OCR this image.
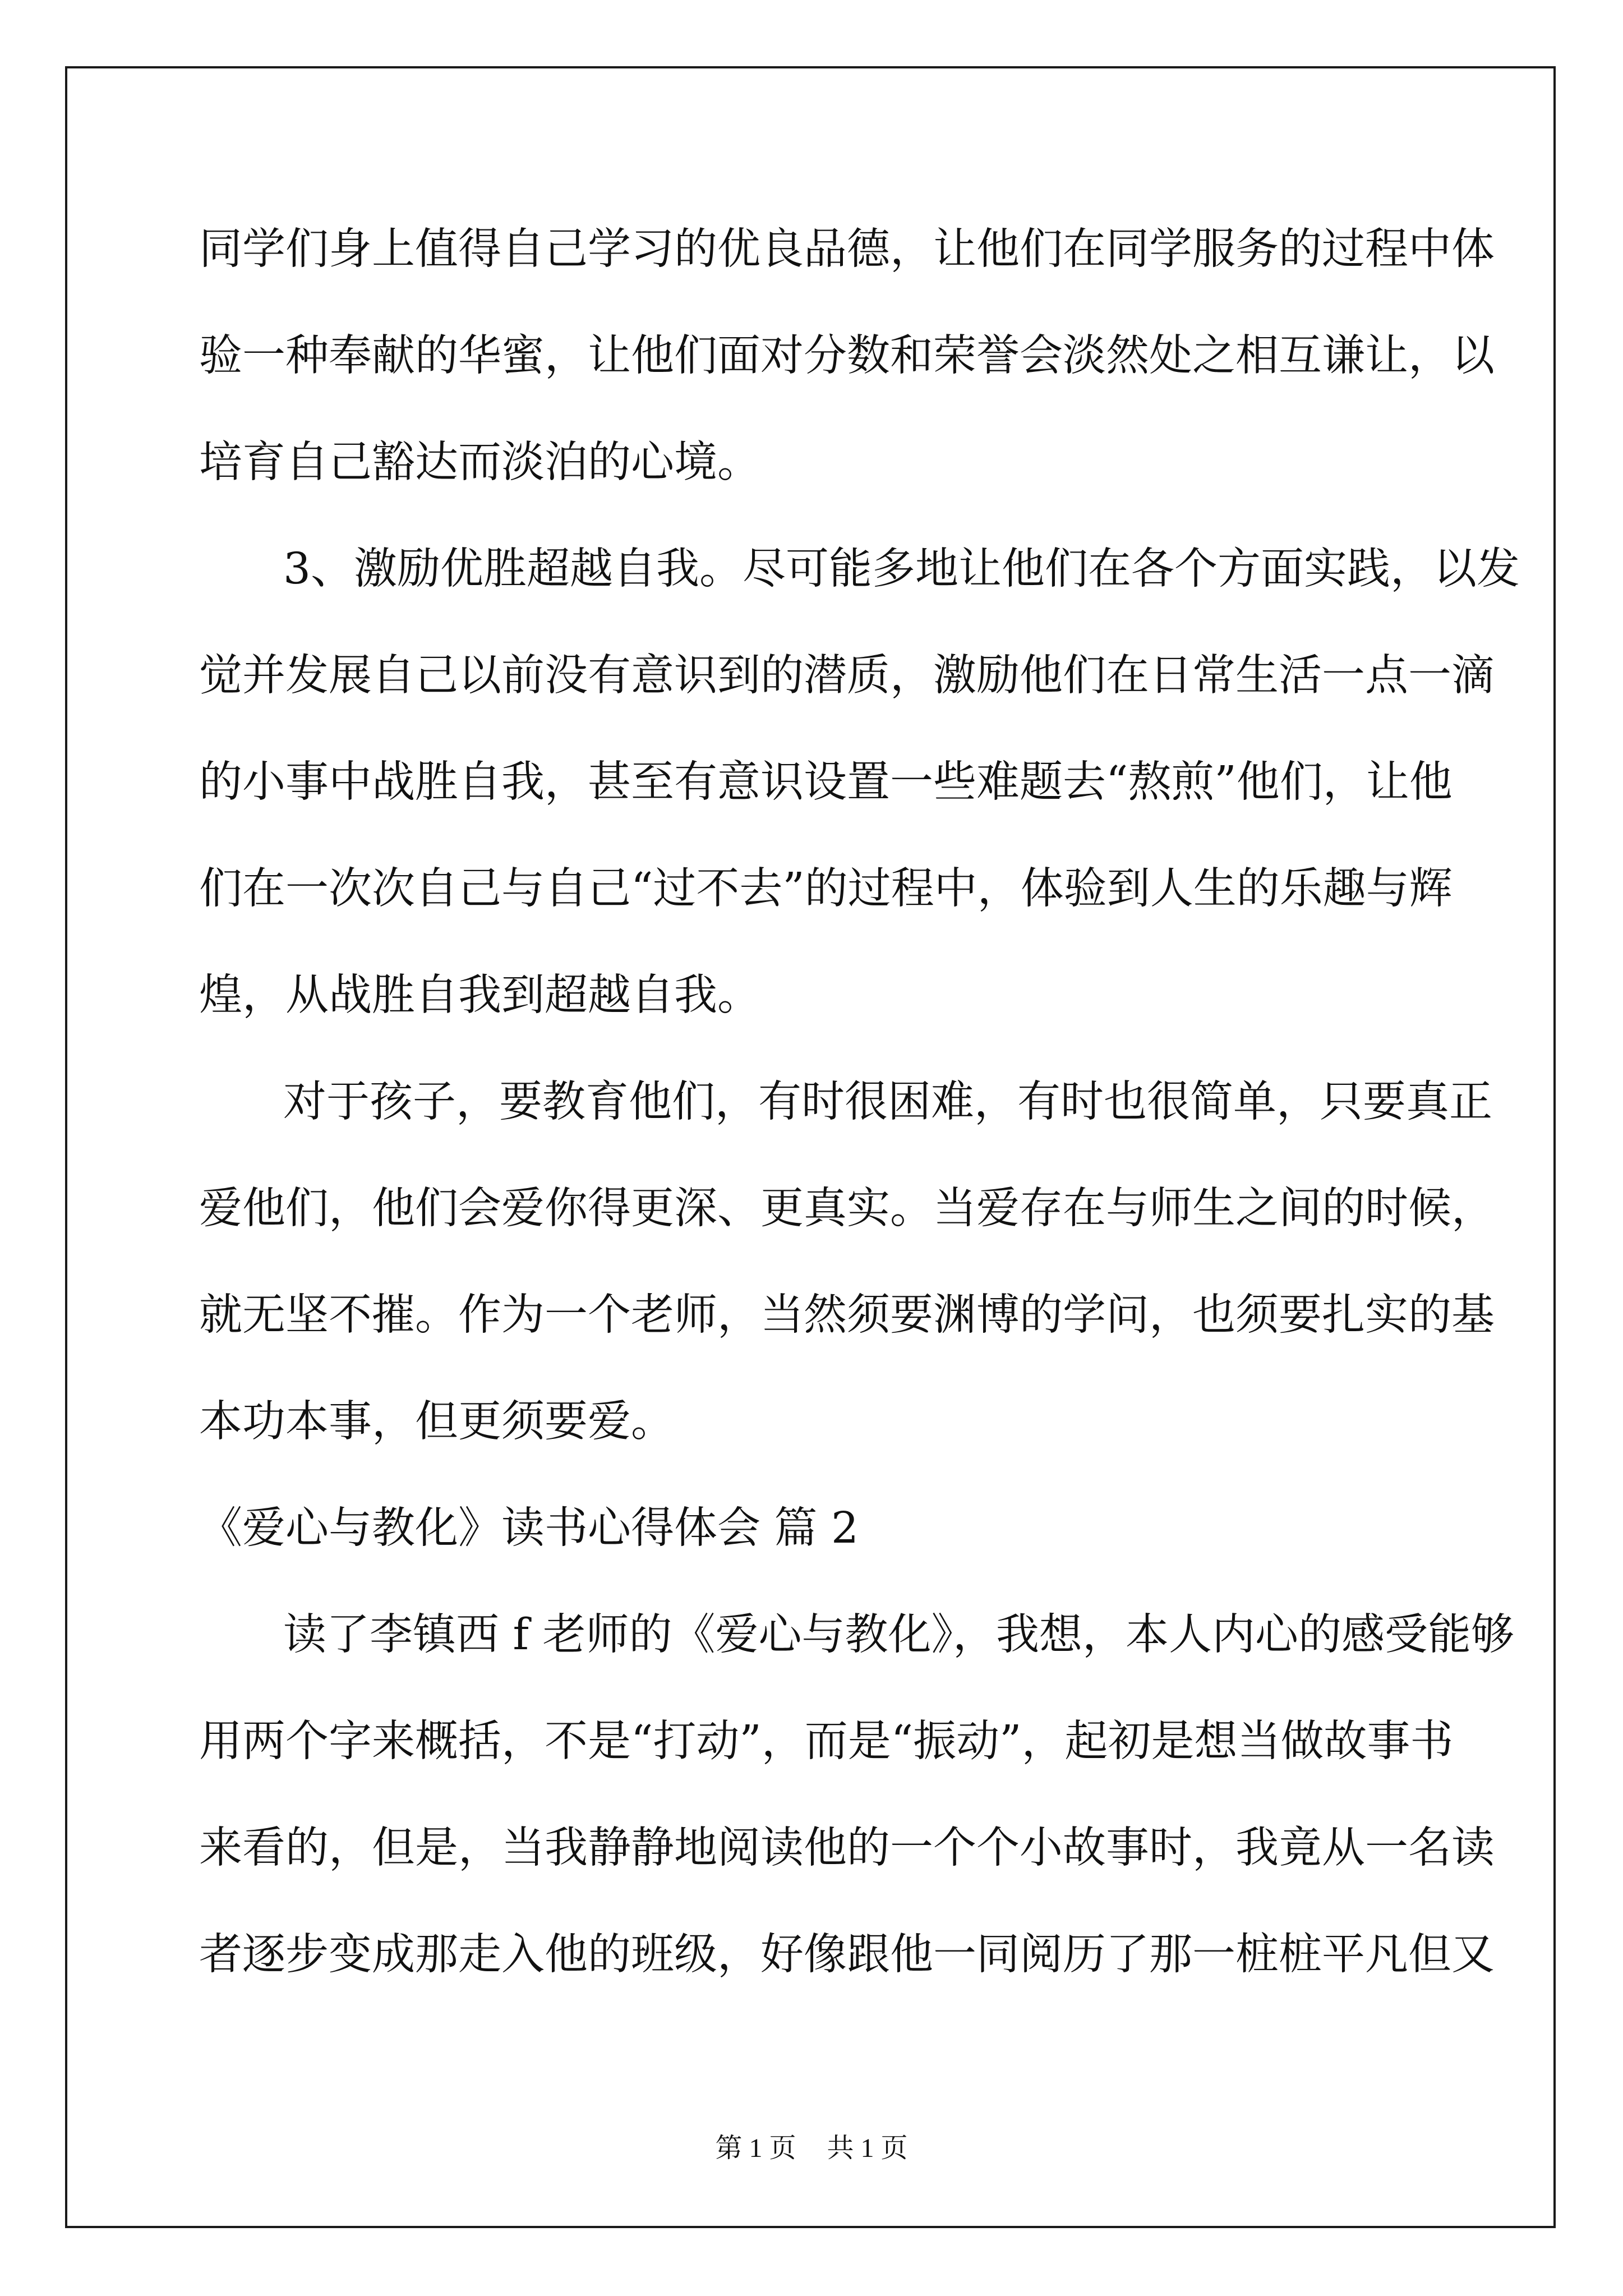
同学们身上值得自己学习的优良品德，让他们在同学服务的过程中体
验一种奉献的华蜜，让他们面对分数和荣誉会淡然处之相互谦让，以
培育自己豁达而淡泊的心境。
3、激励优胜超越自我。尽可能多地让他们在各个方面实践，以发
觉并发展自己以前没有意识到的潜质，激励他们在日常生活一点一滴
的小事中战胜自我，甚至有意识设置一些难题去“熬煎”他们，让他
们在一次次自己与自己“过不去”的过程中，体验到人生的乐趣与辉
煌，从战胜自我到超越自我。
对于孩子，要教育他们，有时很困难，有时也很简单，只要真正
爱他们，他们会爱你得更深、更真实。当爱存在与师生之间的时候，
就无坚不摧。作为一个老师，当然须要渊博的学问，也须要扎实的基
本功本事，但更须要爱。
《爱心与教化》读书心得体会 篇 2
读了李镇西 f 老师的《爱心与教化》，我想，本人内心的感受能够
用两个字来概括，不是“打动”，而是“振动”，起初是想当做故事书
来看的，但是，当我静静地阅读他的一个个小故事时，我竟从一名读
者逐步变成那走入他的班级，好像跟他一同阅历了那一桩桩平凡但又
第 1 页 共 1 页
